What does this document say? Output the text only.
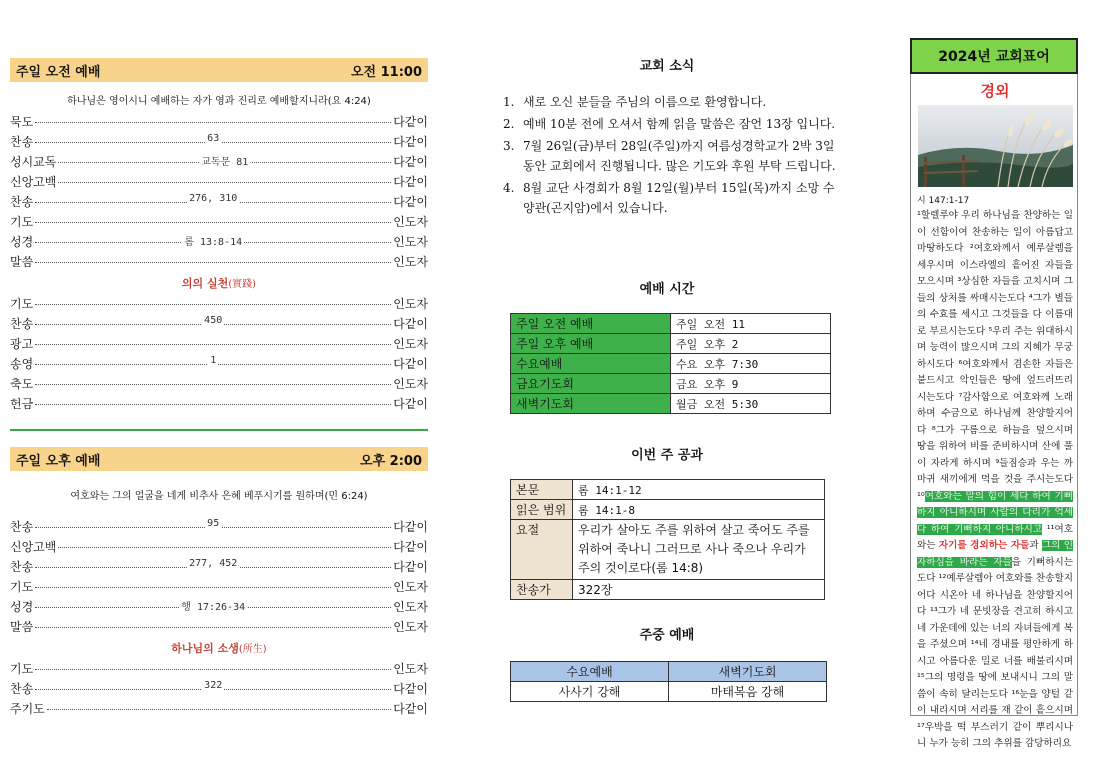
주일 오전 예배	오전 11:00
하나님은 영이시니 예배하는 자가 영과 진리로 예배할지니라(요 4:24)
묵도	다같이
찬송	63	다같이
성시교독	교독문 81	다같이
신앙고백	다같이
찬송	276, 310	다같이
기도	인도자
성경	롬 13:8-14	인도자
말씀	인도자
의의 실천(實踐)
기도	인도자
찬송	450	다같이
광고	인도자
송영	1	다같이
축도	인도자
헌금	다같이
주일 오후 예배	오후 2:00
여호와는 그의 얼굴을 네게 비추사 은혜 베푸시기를 원하며(민 6:24)
찬송	95	다같이
신앙고백	다같이
찬송	277, 452	다같이
기도	인도자
성경	행 17:26-34	인도자
말씀	인도자
하나님의 소생(所生)
기도	인도자
찬송	322	다같이
주기도	다같이
교회 소식
1. 새로 오신 분들을 주님의 이름으로 환영합니다.
2. 예배 10분 전에 오셔서 함께 읽을 말씀은 잠언 13장 입니다.
3. 7월 26일(금)부터 28일(주일)까지 여름성경학교가 2박 3일 동안 교회에서 진행됩니다. 많은 기도와 후원 부탁 드립니다.
4. 8월 교단 사경회가 8월 12일(월)부터 15일(목)까지 소망 수양관(곤지암)에서 있습니다.
예배 시간
주일 오전 예배	주일 오전 11
주일 오후 예배	주일 오후 2
수요예배	수요 오후 7:30
금요기도회	금요 오후 9
새벽기도회	월금 오전 5:30
이번 주 공과
본문	롬 14:1-12
읽은 범위	롬 14:1-8
요절	우리가 살아도 주를 위하여 살고 죽어도 주를 위하여 죽나니 그러므로 사나 죽으나 우리가 주의 것이로다(롬 14:8)
찬송가	322장
주중 예배
수요예배	새벽기도회
사사기 강해	마태복음 강해
2024년 교회표어
경외
시 147:1-17
¹할렐루야 우리 하나님을 찬양하는 일이 선함이여 찬송하는 일이 아름답고 마땅하도다 ²여호와께서 예루살렘을 세우시며 이스라엘의 흩어진 자들을 모으시며 ³상심한 자들을 고치시며 그들의 상처를 싸매시는도다 ⁴그가 별들의 수효를 세시고 그것들을 다 이름대로 부르시는도다 ⁵우리 주는 위대하시며 능력이 많으시며 그의 지혜가 무궁하시도다 ⁶여호와께서 겸손한 자들은 붙드시고 악인들은 땅에 엎드러뜨리시는도다 ⁷감사함으로 여호와께 노래하며 수금으로 하나님께 찬양할지어다 ⁸그가 구름으로 하늘을 덮으시며 땅을 위하여 비를 준비하시며 산에 풀이 자라게 하시며 ⁹들짐승과 우는 까마귀 새끼에게 먹을 것을 주시는도다 ¹⁰여호와는 말의 힘이 세다 하여 기뻐하지 아니하시며 사람의 다리가 억세다 하여 기뻐하지 아니하시고 ¹¹여호와는 자기를 경외하는 자들과 그의 인자하심을 바라는 자들을 기뻐하시는도다 ¹²예루살렘아 여호와를 찬송할지어다 시온아 네 하나님을 찬양할지어다 ¹³그가 네 문빗장을 견고히 하시고 네 가운데에 있는 너의 자녀들에게 복을 주셨으며 ¹⁴네 경내를 평안하게 하시고 아름다운 밀로 너를 배불리시며 ¹⁵그의 명령을 땅에 보내시니 그의 말씀이 속히 달리는도다 ¹⁶눈을 양털 같이 내리시며 서리를 재 같이 흩으시며 ¹⁷우박을 떡 부스러기 같이 뿌리시나니 누가 능히 그의 추위를 감당하리요
